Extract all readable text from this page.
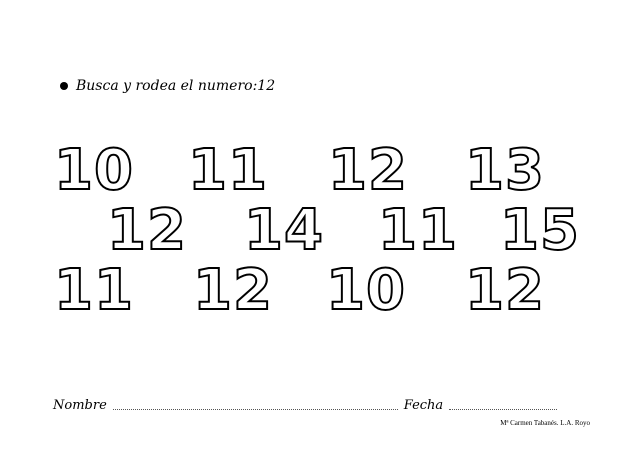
Busca y rodea el numero:12
10 11 12 13
12 14 11 15
11 12 10 12
Nombre	Fecha
Mª Carmen Tabanés. L.A. Royo
